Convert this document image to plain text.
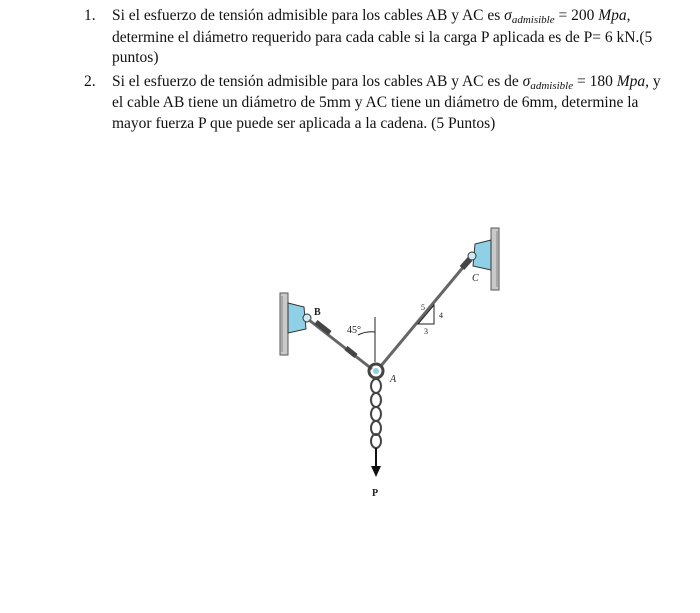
1. Si el esfuerzo de tensión admisible para los cables AB y AC es σadmisible = 200 Mpa, determine el diámetro requerido para cada cable si la carga P aplicada es de P= 6 kN.(5 puntos)
2. Si el esfuerzo de tensión admisible para los cables AB y AC es de σadmisible = 180 Mpa, y el cable AB tiene un diámetro de 5mm y AC tiene un diámetro de 6mm, determine la mayor fuerza P que puede ser aplicada a la cadena. (5 Puntos)
45°
5
4
3
B
C
A
P
